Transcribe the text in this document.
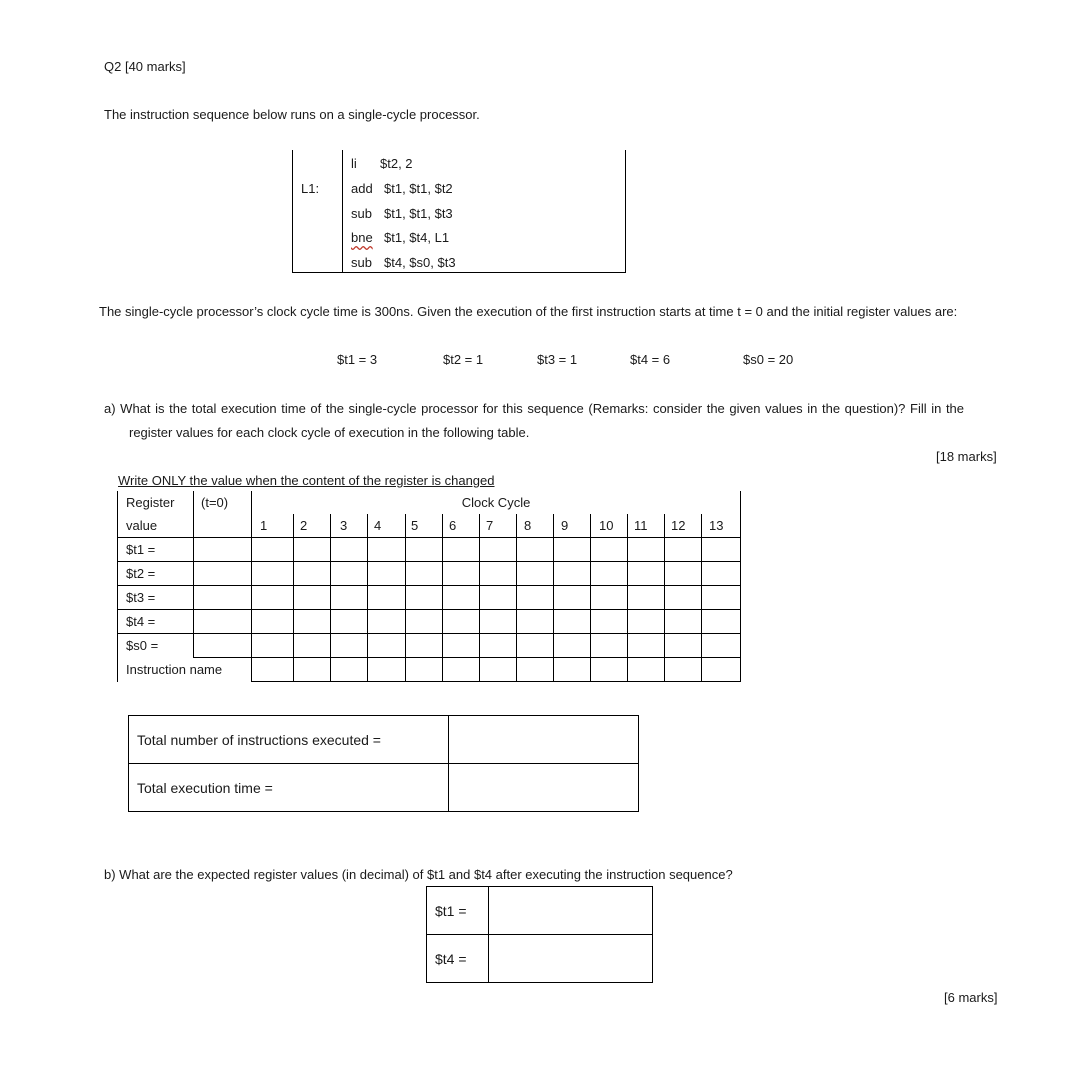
Q2 [40 marks]
The instruction sequence below runs on a single-cycle processor.
li $t2, 2
L1: add $t1, $t1, $t2
sub $t1, $t1, $t3
bne $t1, $t4, L1
sub $t4, $s0, $t3
The single-cycle processor’s clock cycle time is 300ns. Given the execution of the first instruction starts at time t = 0 and the initial register values are:
$t1 = 3	$t2 = 1	$t3 = 1	$t4 = 6	$s0 = 20
a) What is the total execution time of the single-cycle processor for this sequence (Remarks: consider the given values in the question)? Fill in the
register values for each clock cycle of execution in the following table.
[18 marks]
Write ONLY the value when the content of the register is changed
Register	(t=0)	Clock Cycle												
value		1	2	3	4	5	6	7	8	9	10	11	12	13
$t1 =														
$t2 =														
$t3 =														
$t4 =														
$s0 =														
Instruction name														
Total number of instructions executed =	
Total execution time =	
b) What are the expected register values (in decimal) of $t1 and $t4 after executing the instruction sequence?
$t1 =	
$t4 =	
[6 marks]
